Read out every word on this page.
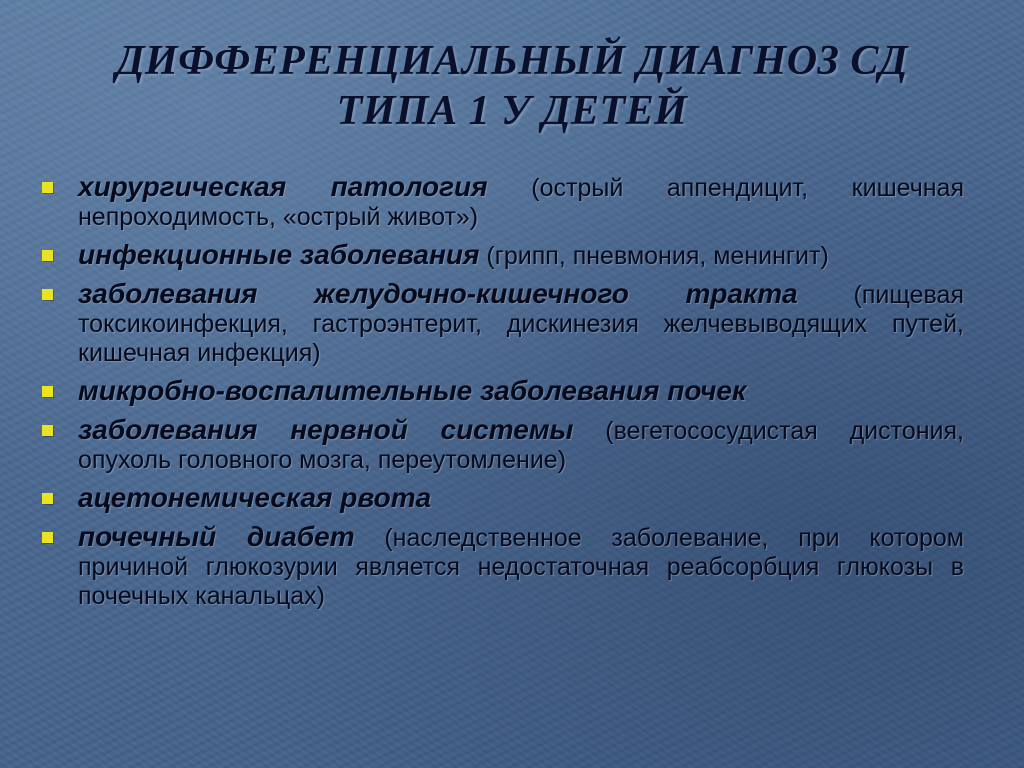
ДИФФЕРЕНЦИАЛЬНЫЙ ДИАГНОЗ СД
ТИПА 1 У ДЕТЕЙ
хирургическая патология (острый аппендицит, кишечная непроходимость, «острый живот»)
инфекционные заболевания (грипп, пневмония, менингит)
заболевания желудочно-кишечного тракта (пищевая токсикоинфекция, гастроэнтерит, дискинезия желчевыводящих путей, кишечная инфекция)
микробно-воспалительные заболевания почек
заболевания нервной системы (вегетососудистая дистония, опухоль головного мозга, переутомление)
ацетонемическая рвота
почечный диабет (наследственное заболевание, при котором причиной глюкозурии является недостаточная реабсорбция глюкозы в почечных канальцах)
